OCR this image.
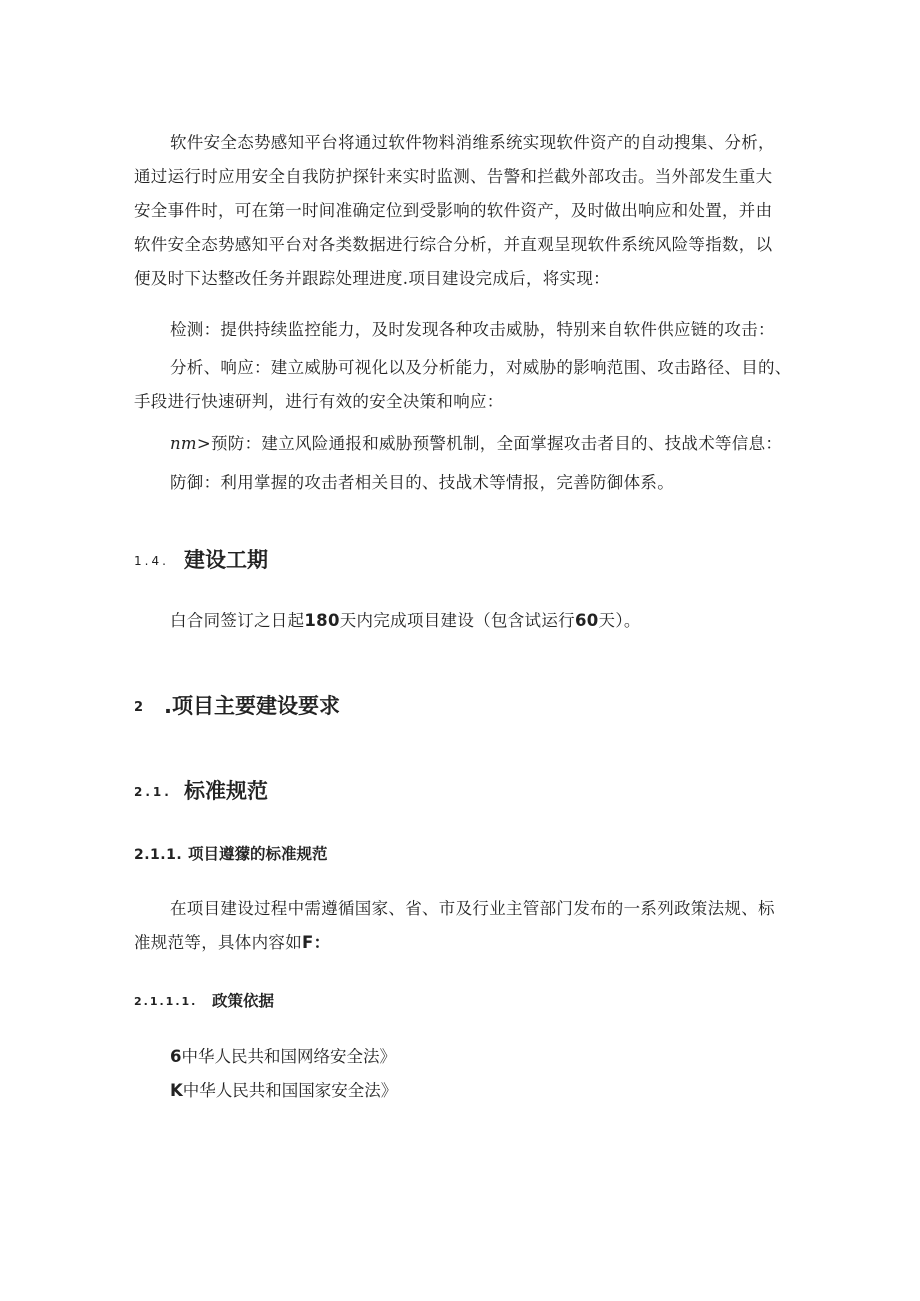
软件安全态势感知平台将通过软件物料消维系统实现软件资产的自动搜集、分析，
通过运行时应用安全自我防护探针来实时监测、告警和拦截外部攻击。当外部发生重大
安全事件时，可在第一时间准确定位到受影响的软件资产，及时做出响应和处置，并由
软件安全态势感知平台对各类数据进行综合分析，并直观呈现软件系统风险等指数，以
便及时下达整改任务并跟踪处理进度.项目建设完成后，将实现：

检测：提供持续监控能力，及时发现各种攻击威胁，特别来自软件供应链的攻击：

分析、响应：建立威胁可视化以及分析能力，对威胁的影响范围、攻击路径、目的、
手段进行快速研判，进行有效的安全决策和响应：

nm>预防：建立风险通报和威胁预警机制，全面掌握攻击者目的、技战术等信息：

防御：利用掌握的攻击者相关目的、技战术等情报，完善防御体系。

1.4. 建设工期

白合同签订之日起180天内完成项目建设（包含试运行60天）。

2 .项目主要建设要求
2.1. 标准规范
2.1.1. 项目遵獴的标准规范

在项目建设过程中需遵循国家、省、市及行业主管部门发布的一系列政策法规、标
准规范等，具体内容如F：

2.1.1.1. 政策依据

6中华人民共和国网络安全法》

K中华人民共和国国家安全法》
